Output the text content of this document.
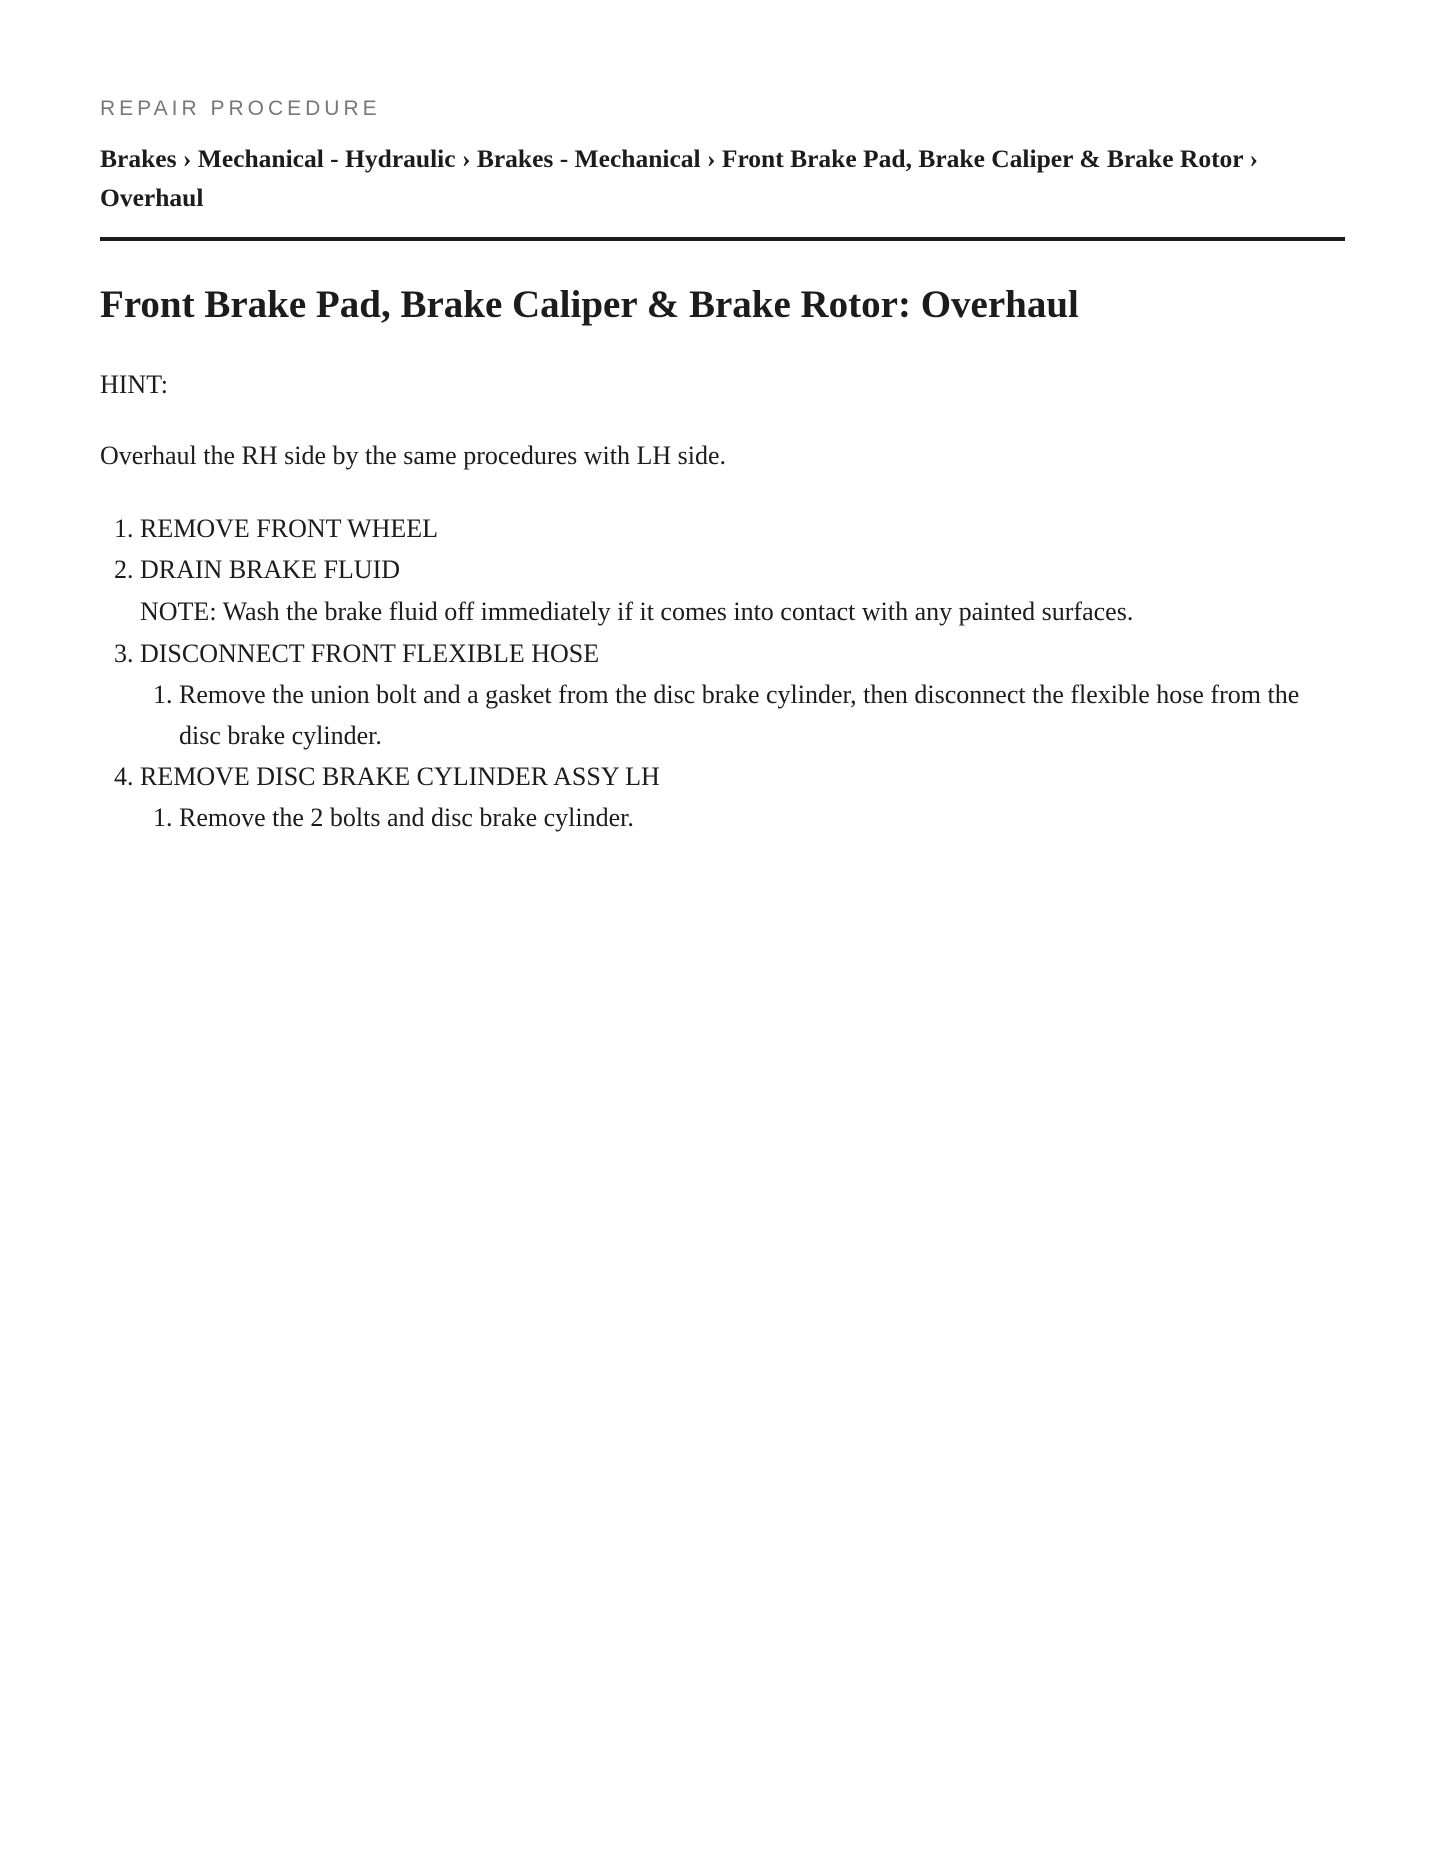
REPAIR PROCEDURE
Brakes › Mechanical - Hydraulic › Brakes - Mechanical › Front Brake Pad, Brake Caliper & Brake Rotor › Overhaul
Front Brake Pad, Brake Caliper & Brake Rotor: Overhaul

HINT:

Overhaul the RH side by the same procedures with LH side.

1. REMOVE FRONT WHEEL
2. DRAIN BRAKE FLUID
NOTE: Wash the brake fluid off immediately if it comes into contact with any painted surfaces.
3. DISCONNECT FRONT FLEXIBLE HOSE
1. Remove the union bolt and a gasket from the disc brake cylinder, then disconnect the flexible hose from the disc brake cylinder.
4. REMOVE DISC BRAKE CYLINDER ASSY LH
1. Remove the 2 bolts and disc brake cylinder.
